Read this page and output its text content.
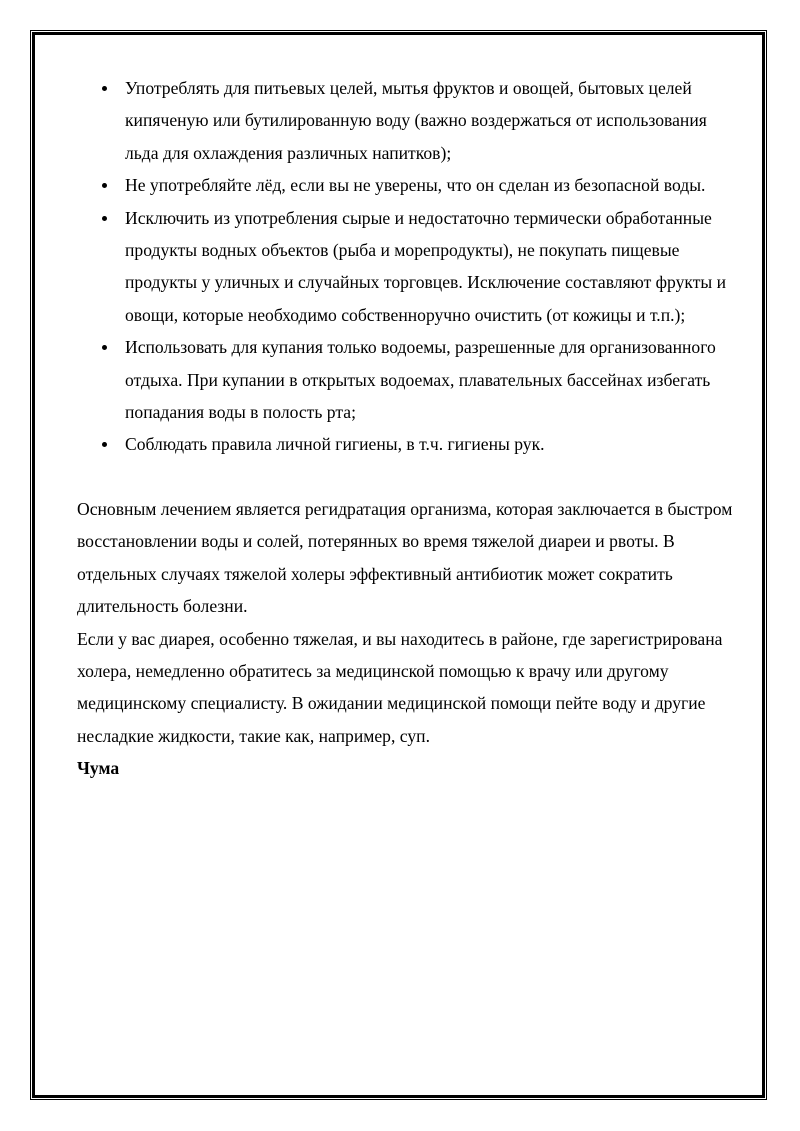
Употреблять для питьевых целей, мытья фруктов и овощей, бытовых целей кипяченую или бутилированную воду (важно воздержаться от использования льда для охлаждения различных напитков);
Не употребляйте лёд, если вы не уверены, что он сделан из безопасной воды.
Исключить из употребления сырые и недостаточно термически обработанные продукты водных объектов (рыба и морепродукты), не покупать пищевые продукты у уличных и случайных торговцев. Исключение составляют фрукты и овощи, которые необходимо собственноручно очистить (от кожицы и т.п.);
Использовать для купания только водоемы, разрешенные для организованного отдыха. При купании в открытых водоемах, плавательных бассейнах избегать попадания воды в полость рта;
Соблюдать правила личной гигиены, в т.ч. гигиены рук.

Основным лечением является регидратация организма, которая заключается в быстром восстановлении воды и солей, потерянных во время тяжелой диареи и рвоты. В отдельных случаях тяжелой холеры эффективный антибиотик может сократить длительность болезни.

Если у вас диарея, особенно тяжелая, и вы находитесь в районе, где зарегистрирована холера, немедленно обратитесь за медицинской помощью к врачу или другому медицинскому специалисту. В ожидании медицинской помощи пейте воду и другие несладкие жидкости, такие как, например, суп.

Чума
